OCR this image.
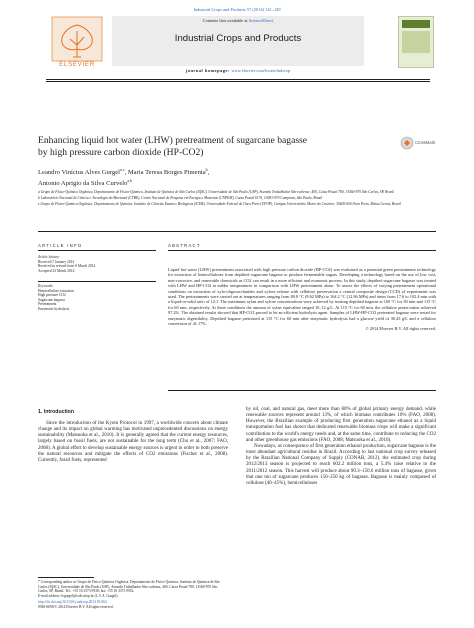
Industrial Crops and Products 57 (2014) 141–149
ELSEVIER
Contents lists available at ScienceDirect
Industrial Crops and Products
journal homepage: www.elsevier.com/locate/indcrop
Enhancing liquid hot water (LHW) pretreatment of sugarcane bagasse
by high pressure carbon dioxide (HP-CO2)
CrossMark
Leandro Vinícius Alves Gurgel$^{a,c}$, Maria Teresa Borges Pimenta$^b$,
Antonio Aprigio da Silva Curvelo$^{a,b}$
a Grupo de Físico-Química Orgânica, Departamento de Físico-Química, Instituto de Química de São Carlos (IQSC), Universidade de São Paulo (USP), Avenida Trabalhador São-carlense, 400, Caixa Postal 780, 13560-970 São Carlos, SP, Brazil
b Laboratório Nacional de Ciência e Tecnologia do Bioetanol (CTBE), Centro Nacional de Pesquisa em Energia e Materiais (CNPEM), Caixa Postal 6170, 13083-970 Campinas, São Paulo, Brazil
c Grupo de Físico-Química Orgânica, Departamento de Química, Instituto de Ciências Exatas e Biológicas (ICEB), Universidade Federal de Ouro Preto (UFOP), Campus Universitário Morro do Cruzeiro, 35400-000 Ouro Preto, Minas Gerais, Brazil
ARTICLE INFO	ABSTRACT
Article history:
Received 7 January 2014
Received in revised form 6 March 2014
Accepted 23 March 2014
Keywords:
Hemicellulose extraction
High pressure CO2
Sugarcane bagasse
Pretreatment
Enzymatic hydrolysis
Liquid hot water (LHW) pretreatment associated with high pressure carbon dioxide (HP-CO2) was evaluated as a potential green pretreatment technology for extraction of hemicelluloses from depithed sugarcane bagasse to produce fermentable sugars. Developing a technology based on the use of low cost, non-corrosive, and renewable chemicals as CO2 can result in a more efficient and economic process. In this study, depithed sugarcane bagasse was treated with LHW and HP-CO2 at milder temperatures in comparison with LHW pretreatment alone. To assess the effects of varying pretreatment operational conditions on extraction of xylo-oligosaccharides and xylose release with cellulose preservation a central composite design (CCD) of experiments was used. The pretreatments were carried out at temperatures ranging from 80.8 °C (8.62 MPa) to 164.2 °C (12.96 MPa) and times from 17.6 to 102.4 min with a liquid-to-solid ratio of 12:1. The maximum xylan and xylose concentrations were achieved by treating depithed bagasse at 160 °C for 30 min and 115 °C for 60 min, respectively. At these conditions the amount of xylan equivalent ranged 10–12 g/L. At 115 °C for 60 min, the cellulose preservation achieved 97.2%. The obtained results showed that HP-CO2 proved to be an efficient hydrolysis agent. Samples of LHW-HP-CO2 pretreated bagasse were tested for enzymatic digestibility. Depithed bagasse pretreated at 115 °C for 60 min after enzymatic hydrolysis had a glucose yield of 30.43 g/L and a cellulose conversion of 41.17%.
© 2014 Elsevier B.V. All rights reserved.
1. Introduction
Since the introduction of the Kyoto Protocol in 1997, a worldwide concern about climate change and its impact on global warming has motivated unprecedented discussions on energy sustainability (Matsuoka et al., 2010). It is generally agreed that the current energy resources, largely based on fossil fuels, are not sustainable for the long term (Chu et al., 2007; FAO, 2008). A global effort to develop sustainable energy sources is urgent in order to both preserve the natural resources and mitigate the effects of CO2 emissions (Fischer et al., 2008). Currently, fossil fuels, represented
by oil, coal, and natural gas, meet more than 80% of global primary energy demand, while renewable sources represent around 13%, of which biomass contributes 10% (FAO, 2008). However, the Brazilian example of producing first generation sugarcane ethanol as a liquid transportation fuel has shown that dedicated renewable biomass crops will make a significant contribution to the world's energy needs and, at the same time, contribute to reducing the CO2 and other greenhouse gas emissions (FAO, 2008; Matsuoka et al., 2010).
Nowadays, as consequence of first generation ethanol production, sugarcane bagasse is the most abundant agricultural residue in Brazil. According to last national crop survey released by the Brazilian National Company of Supply (CONAB, 2012), the estimated crop during 2012/2013 season is projected to reach 602.2 million tons, a 5.4% raise relative to the 2011/2012 season. This harvest will produce about 90.3–150.6 million tons of bagasse, given that one ton of sugarcane produces 150–250 kg of bagasse. Bagasse is mainly composed of cellulose (40–45%), hemicelluloses
* Corresponding author at: Grupo de Físico-Química Orgânica, Departamento de Físico-Química, Instituto de Química de São Carlos (IQSC), Universidade de São Paulo (USP), Avenida Trabalhador São-carlense, 400, Caixa Postal 780, 13560-970 São Carlos, SP, Brazil. Tel.: +55 16 3373 9938; fax: +55 16 3373 9952.
E-mail address: legurgel@iceb.ufop.br (L.V.A. Gurgel).
http://dx.doi.org/10.1016/j.indcrop.2014.03.064
0926-6690/© 2014 Elsevier B.V. All rights reserved.
